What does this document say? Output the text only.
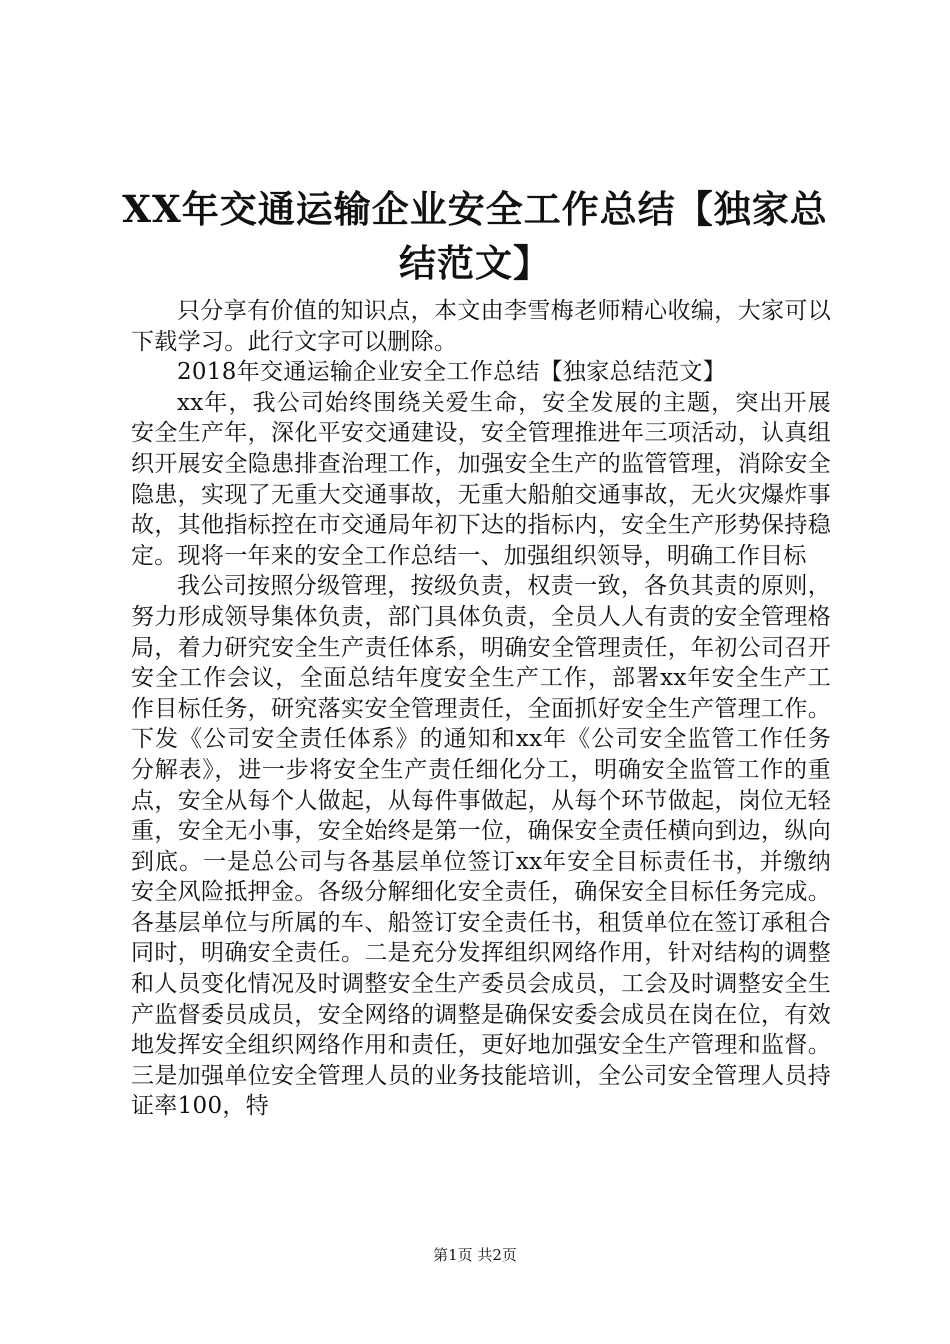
XX年交通运输企业安全工作总结【独家总结范文】

只分享有价值的知识点，本文由李雪梅老师精心收编，大家可以下载学习。此行文字可以删除。

2018年交通运输企业安全工作总结【独家总结范文】

xx年，我公司始终围绕关爱生命，安全发展的主题，突出开展安全生产年，深化平安交通建设，安全管理推进年三项活动，认真组织开展安全隐患排查治理工作，加强安全生产的监管管理，消除安全隐患，实现了无重大交通事故，无重大船舶交通事故，无火灾爆炸事故，其他指标控在市交通局年初下达的指标内，安全生产形势保持稳定。现将一年来的安全工作总结一、加强组织领导，明确工作目标

我公司按照分级管理，按级负责，权责一致，各负其责的原则，努力形成领导集体负责，部门具体负责，全员人人有责的安全管理格局，着力研究安全生产责任体系，明确安全管理责任，年初公司召开安全工作会议，全面总结年度安全生产工作，部署xx年安全生产工作目标任务，研究落实安全管理责任，全面抓好安全生产管理工作。下发《公司安全责任体系》的通知和xx年《公司安全监管工作任务分解表》，进一步将安全生产责任细化分工，明确安全监管工作的重点，安全从每个人做起，从每件事做起，从每个环节做起，岗位无轻重，安全无小事，安全始终是第一位，确保安全责任横向到边，纵向到底。一是总公司与各基层单位签订xx年安全目标责任书，并缴纳安全风险抵押金。各级分解细化安全责任，确保安全目标任务完成。各基层单位与所属的车、船签订安全责任书，租赁单位在签订承租合同时，明确安全责任。二是充分发挥组织网络作用，针对结构的调整和人员变化情况及时调整安全生产委员会成员，工会及时调整安全生产监督委员成员，安全网络的调整是确保安委会成员在岗在位，有效地发挥安全组织网络作用和责任，更好地加强安全生产管理和监督。三是加强单位安全管理人员的业务技能培训，全公司安全管理人员持证率100，特

第1页 共2页
